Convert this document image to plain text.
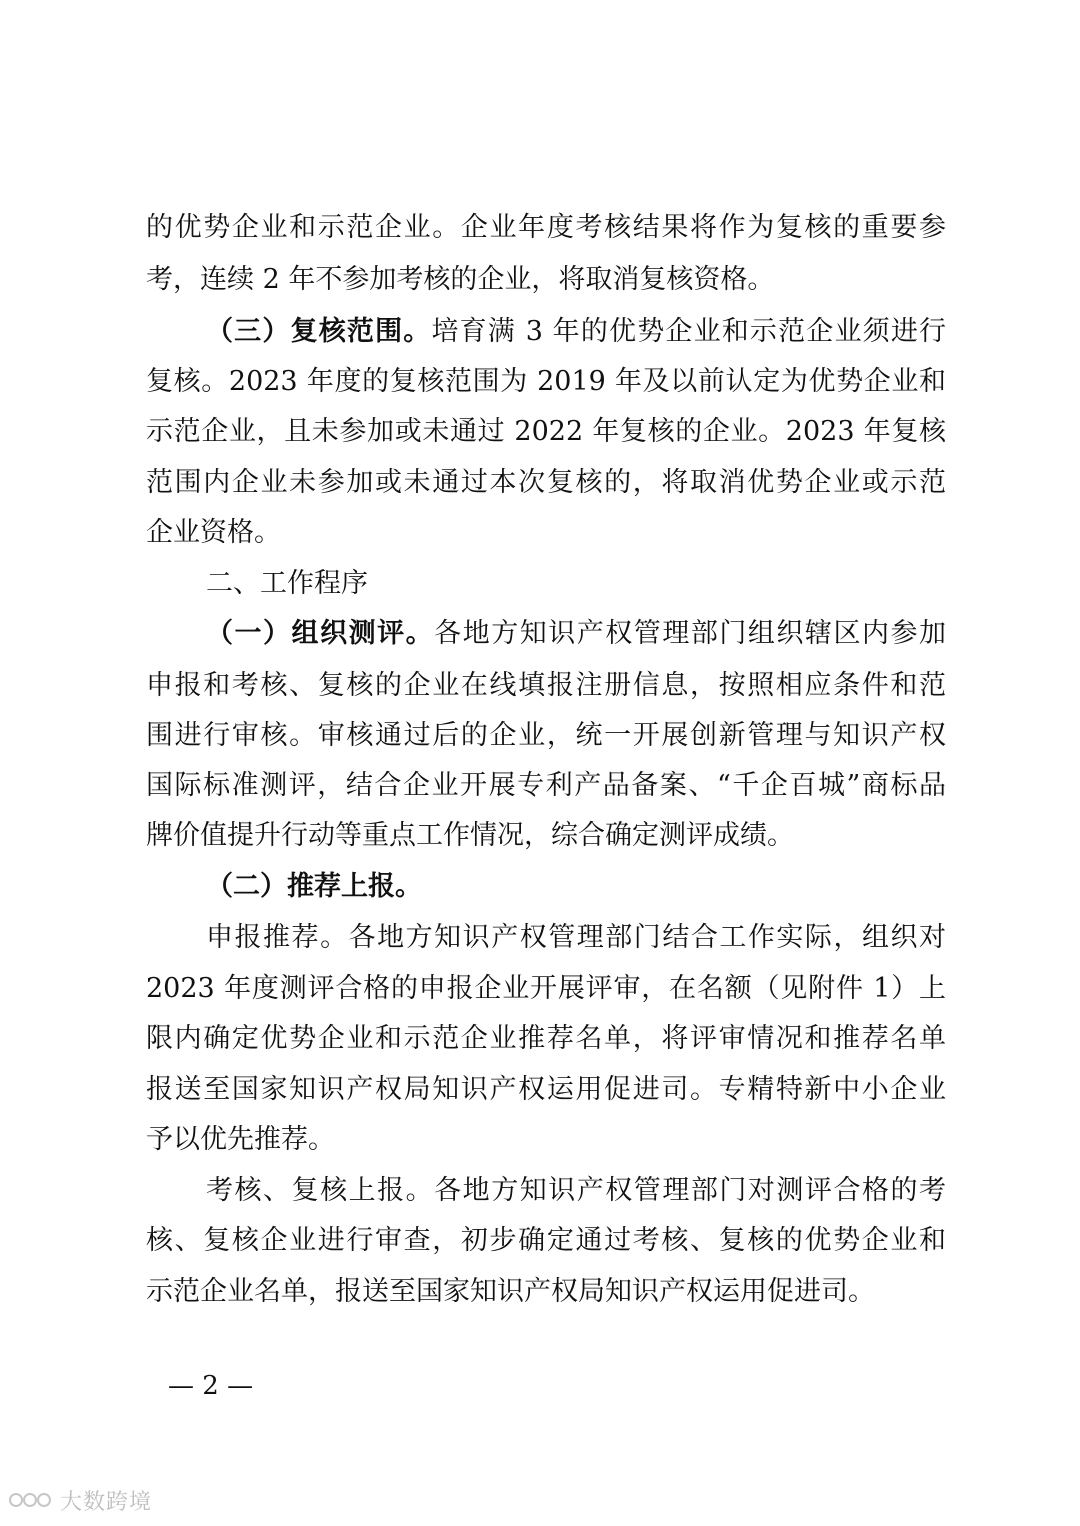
的优势企业和示范企业。企业年度考核结果将作为复核的重要参
考，连续 2 年不参加考核的企业，将取消复核资格。
（三）复核范围。培育满 3 年的优势企业和示范企业须进行
复核。2023 年度的复核范围为 2019 年及以前认定为优势企业和
示范企业，且未参加或未通过 2022 年复核的企业。2023 年复核
范围内企业未参加或未通过本次复核的，将取消优势企业或示范
企业资格。
二、工作程序
（一）组织测评。各地方知识产权管理部门组织辖区内参加
申报和考核、复核的企业在线填报注册信息，按照相应条件和范
围进行审核。审核通过后的企业，统一开展创新管理与知识产权
国际标准测评，结合企业开展专利产品备案、“千企百城”商标品
牌价值提升行动等重点工作情况，综合确定测评成绩。
（二）推荐上报。
申报推荐。各地方知识产权管理部门结合工作实际，组织对
2023 年度测评合格的申报企业开展评审，在名额（见附件 1）上
限内确定优势企业和示范企业推荐名单，将评审情况和推荐名单
报送至国家知识产权局知识产权运用促进司。专精特新中小企业
予以优先推荐。
考核、复核上报。各地方知识产权管理部门对测评合格的考
核、复核企业进行审查，初步确定通过考核、复核的优势企业和
示范企业名单，报送至国家知识产权局知识产权运用促进司。
— 2 —
大数跨境
